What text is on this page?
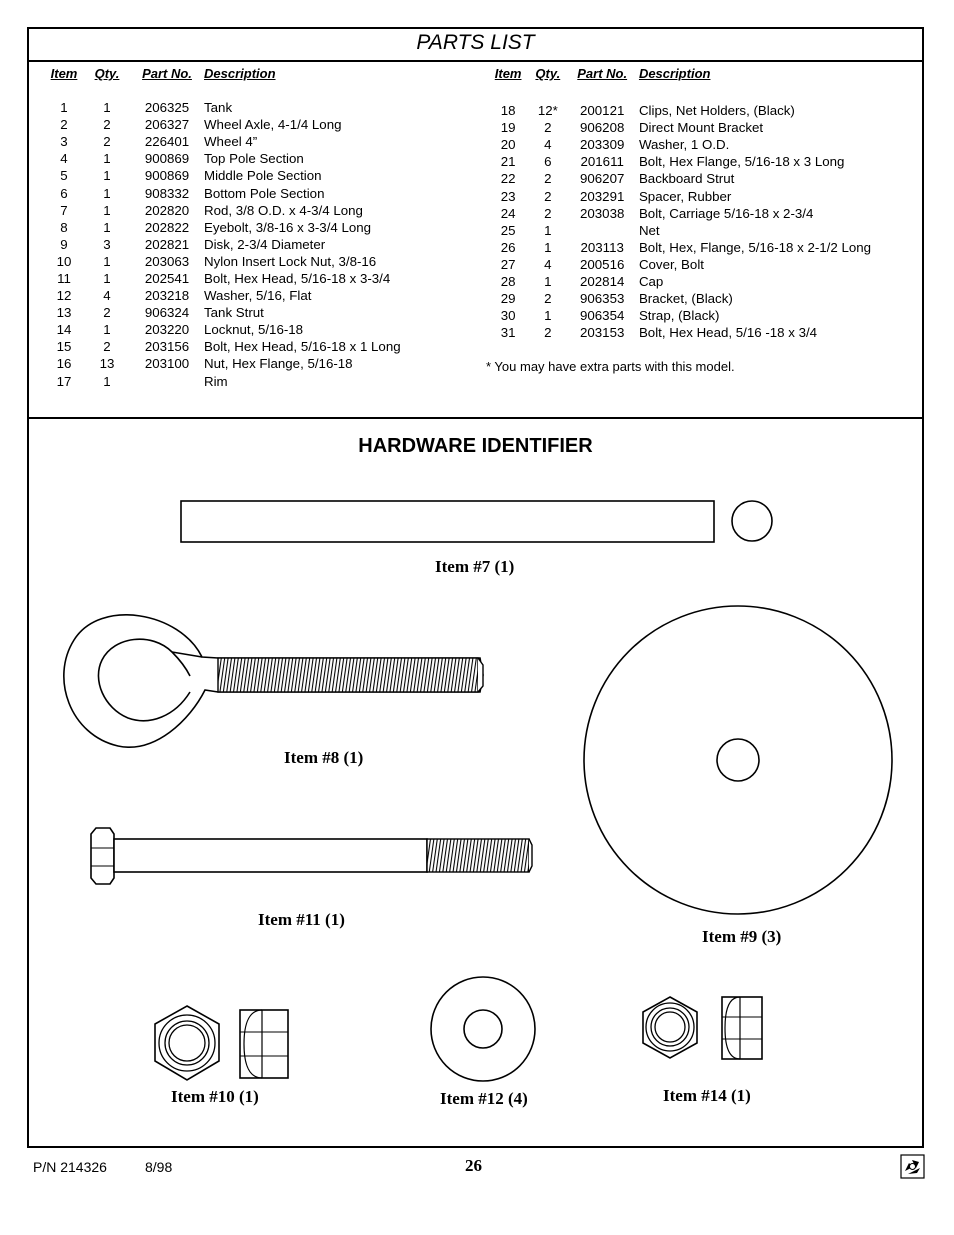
PARTS LIST
Item	Qty.	Part No.	Description

1	1	206325	Tank
2	2	206327	Wheel Axle, 4-1/4 Long
3	2	226401	Wheel 4”
4	1	900869	Top Pole Section
5	1	900869	Middle Pole Section
6	1	908332	Bottom Pole Section
7	1	202820	Rod, 3/8 O.D. x 4-3/4 Long
8	1	202822	Eyebolt, 3/8-16 x 3-3/4 Long
9	3	202821	Disk, 2-3/4 Diameter
10	1	203063	Nylon Insert Lock Nut, 3/8-16
11	1	202541	Bolt, Hex Head, 5/16-18 x 3-3/4
12	4	203218	Washer, 5/16, Flat
13	2	906324	Tank Strut
14	1	203220	Locknut, 5/16-18
15	2	203156	Bolt, Hex Head, 5/16-18 x 1 Long
16	13	203100	Nut, Hex Flange, 5/16-18
17	1		Rim
Item	Qty.	Part No.	Description

18	12*	200121	Clips, Net Holders, (Black)
19	2	906208	Direct Mount Bracket
20	4	203309	Washer, 1 O.D.
21	6	201611	Bolt, Hex Flange, 5/16-18 x 3 Long
22	2	906207	Backboard Strut
23	2	203291	Spacer, Rubber
24	2	203038	Bolt, Carriage 5/16-18 x 2-3/4
25	1		Net
26	1	203113	Bolt, Hex, Flange, 5/16-18 x 2-1/2 Long
27	4	200516	Cover, Bolt
28	1	202814	Cap
29	2	906353	Bracket, (Black)
30	1	906354	Strap, (Black)
31	2	203153	Bolt, Hex Head, 5/16 -18 x 3/4
* You may have extra parts with this model.
HARDWARE IDENTIFIER
Item #7 (1)
Item #8 (1)
Item #11 (1)
Item #9 (3)
Item #10 (1)	Item #12 (4)	Item #14 (1)
P/N 214326	8/98	26
